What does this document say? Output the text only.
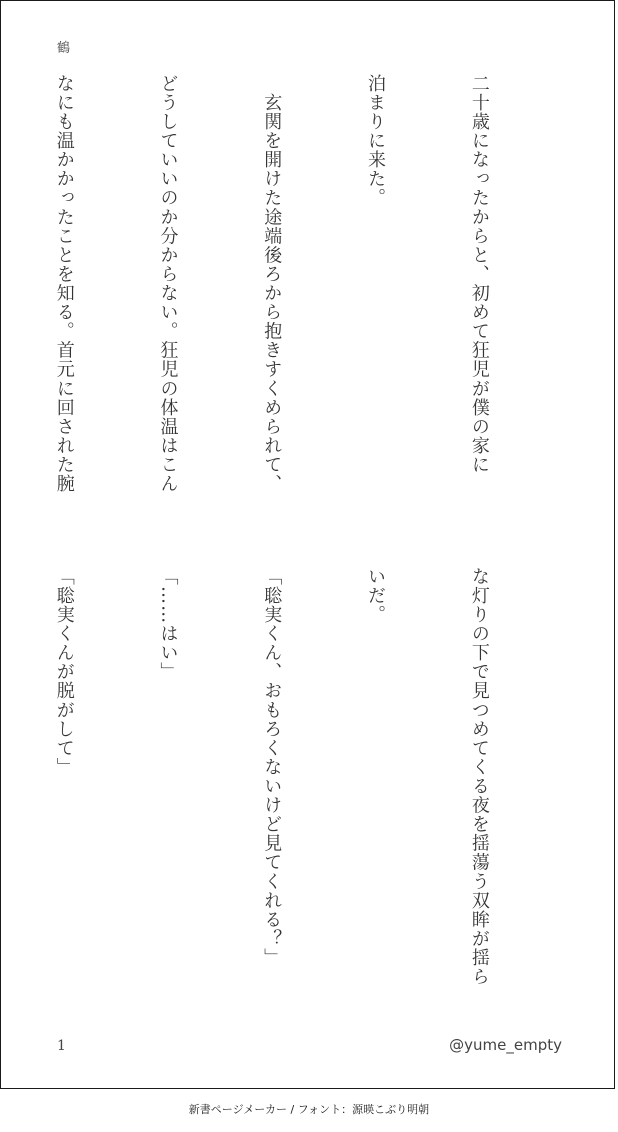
鶴

二十歳になったからと、初めて狂児が僕の家に

泊まりに来た。

　玄関を開けた途端後ろから抱きすくめられて、

どうしていいのか分からない。狂児の体温はこん

なにも温かかったことを知る。首元に回された腕

な灯りの下で見つめてくる夜を揺蕩う双眸が揺ら

いだ。

「聡実くん、おもろくないけど見てくれる？」

「……はい」

「聡実くんが脱がして」

1	@yume_empty
新書ページメーカー / フォント：源暎こぶり明朝
